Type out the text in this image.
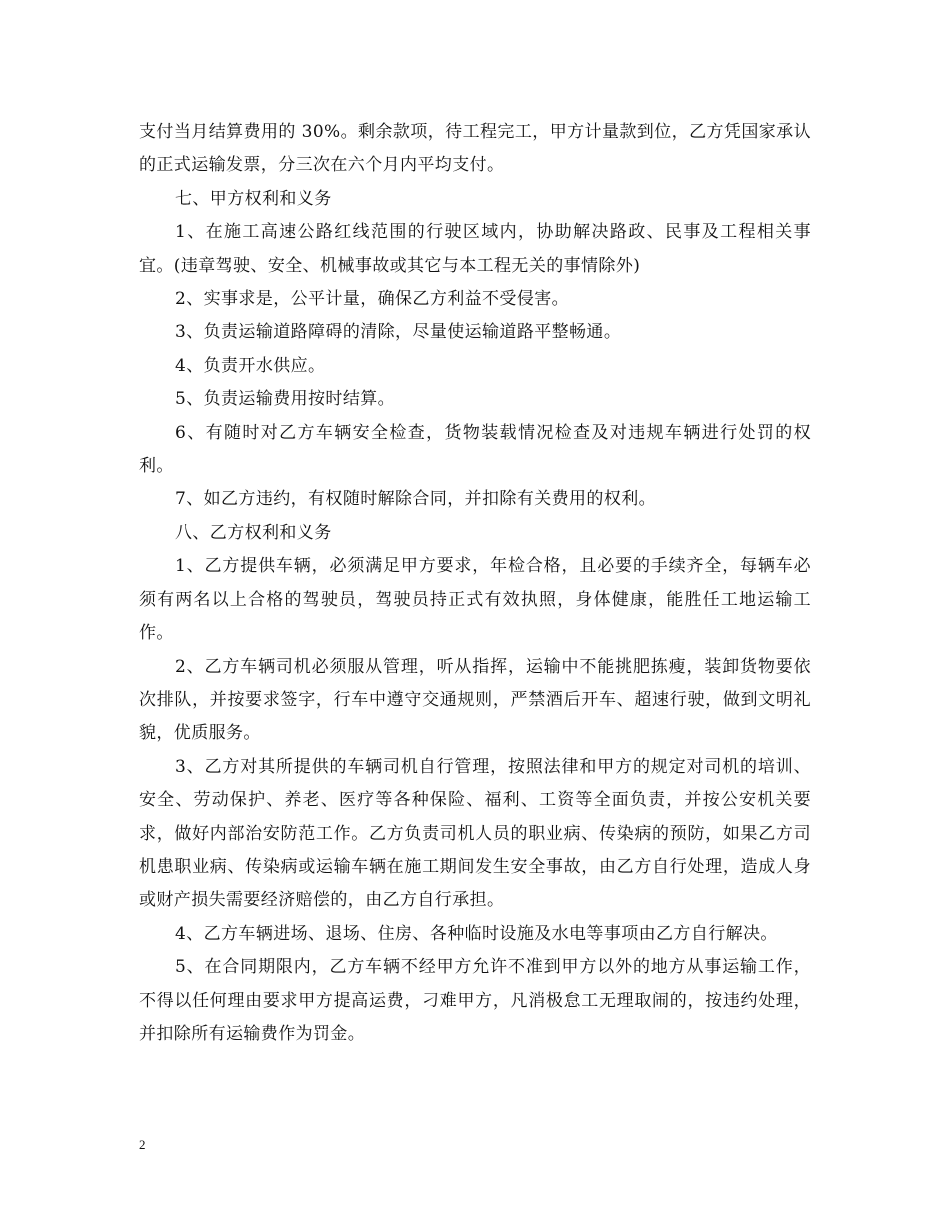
支付当月结算费用的 30%。剩余款项，待工程完工，甲方计量款到位，乙方凭国家承认的正式运输发票，分三次在六个月内平均支付。

七、甲方权利和义务

1、在施工高速公路红线范围的行驶区域内，协助解决路政、民事及工程相关事宜。(违章驾驶、安全、机械事故或其它与本工程无关的事情除外)

2、实事求是，公平计量，确保乙方利益不受侵害。

3、负责运输道路障碍的清除，尽量使运输道路平整畅通。

4、负责开水供应。

5、负责运输费用按时结算。

6、有随时对乙方车辆安全检查，货物装载情况检查及对违规车辆进行处罚的权利。

7、如乙方违约，有权随时解除合同，并扣除有关费用的权利。

八、乙方权利和义务

1、乙方提供车辆，必须满足甲方要求，年检合格，且必要的手续齐全，每辆车必须有两名以上合格的驾驶员，驾驶员持正式有效执照，身体健康，能胜任工地运输工作。

2、乙方车辆司机必须服从管理，听从指挥，运输中不能挑肥拣瘦，装卸货物要依次排队，并按要求签字，行车中遵守交通规则，严禁酒后开车、超速行驶，做到文明礼貌，优质服务。

3、乙方对其所提供的车辆司机自行管理，按照法律和甲方的规定对司机的培训、安全、劳动保护、养老、医疗等各种保险、福利、工资等全面负责，并按公安机关要求，做好内部治安防范工作。乙方负责司机人员的职业病、传染病的预防，如果乙方司机患职业病、传染病或运输车辆在施工期间发生安全事故，由乙方自行处理，造成人身或财产损失需要经济赔偿的，由乙方自行承担。

4、乙方车辆进场、退场、住房、各种临时设施及水电等事项由乙方自行解决。

5、在合同期限内，乙方车辆不经甲方允许不准到甲方以外的地方从事运输工作，不得以任何理由要求甲方提高运费，刁难甲方，凡消极怠工无理取闹的，按违约处理，并扣除所有运输费作为罚金。

2
